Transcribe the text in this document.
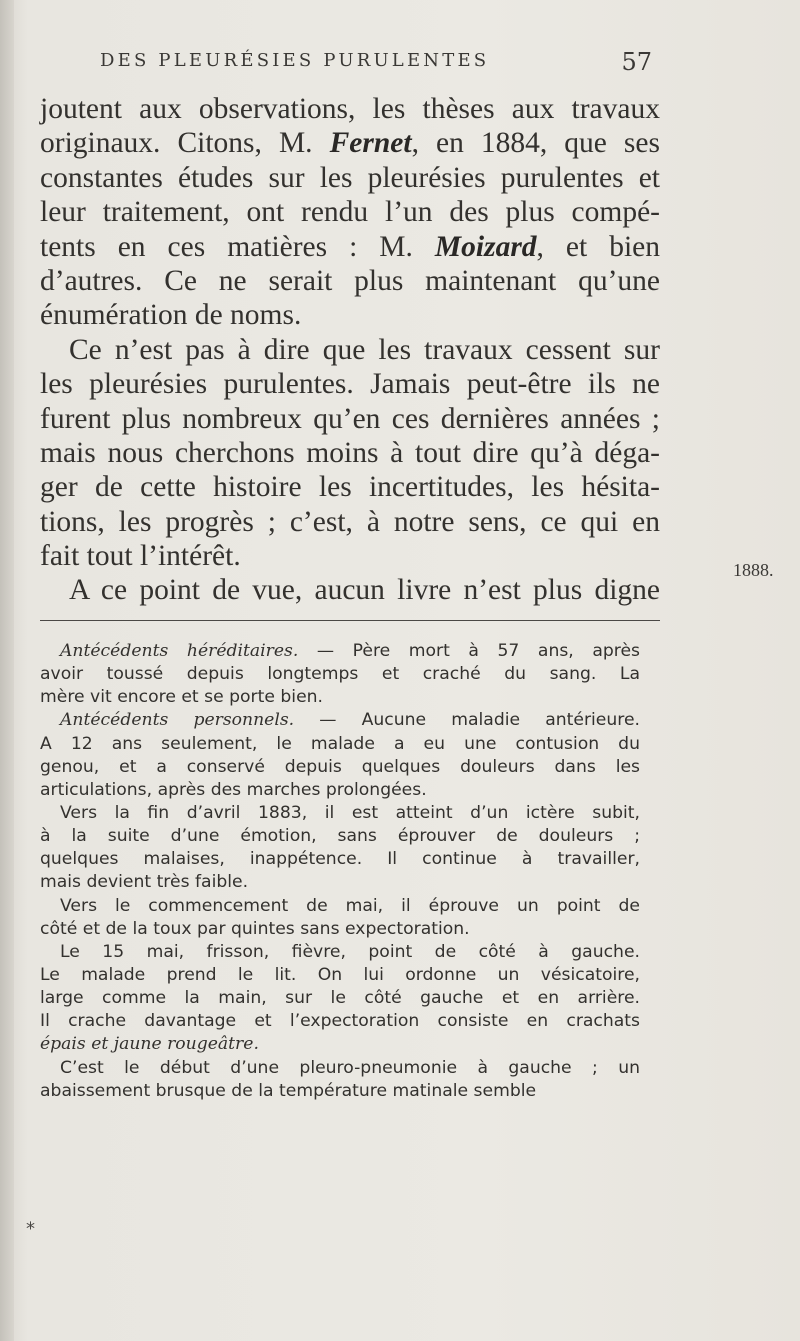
DES PLEURÉSIES PURULENTES	57
joutent aux observations, les thèses aux travaux
originaux. Citons, M. Fernet, en 1884, que ses
constantes études sur les pleurésies purulentes et
leur traitement, ont rendu l’un des plus compé-
tents en ces matières : M. Moizard, et bien
d’autres. Ce ne serait plus maintenant qu’une
énumération de noms.
Ce n’est pas à dire que les travaux cessent sur
les pleurésies purulentes. Jamais peut-être ils ne
furent plus nombreux qu’en ces dernières années ;
mais nous cherchons moins à tout dire qu’à déga-
ger de cette histoire les incertitudes, les hésita-
tions, les progrès ; c’est, à notre sens, ce qui en
fait tout l’intérêt.
A ce point de vue, aucun livre n’est plus digne
1888.
Antécédents héréditaires. — Père mort à 57 ans, après
avoir toussé depuis longtemps et craché du sang. La
mère vit encore et se porte bien.
Antécédents personnels. — Aucune maladie antérieure.
A 12 ans seulement, le malade a eu une contusion du
genou, et a conservé depuis quelques douleurs dans les
articulations, après des marches prolongées.
Vers la fin d’avril 1883, il est atteint d’un ictère subit,
à la suite d’une émotion, sans éprouver de douleurs ;
quelques malaises, inappétence. Il continue à travailler,
mais devient très faible.
Vers le commencement de mai, il éprouve un point de
côté et de la toux par quintes sans expectoration.
Le 15 mai, frisson, fièvre, point de côté à gauche.
Le malade prend le lit. On lui ordonne un vésicatoire,
large comme la main, sur le côté gauche et en arrière.
Il crache davantage et l’expectoration consiste en crachats
épais et jaune rougeâtre.
C’est le début d’une pleuro-pneumonie à gauche ; un
abaissement brusque de la température matinale semble
⁎
